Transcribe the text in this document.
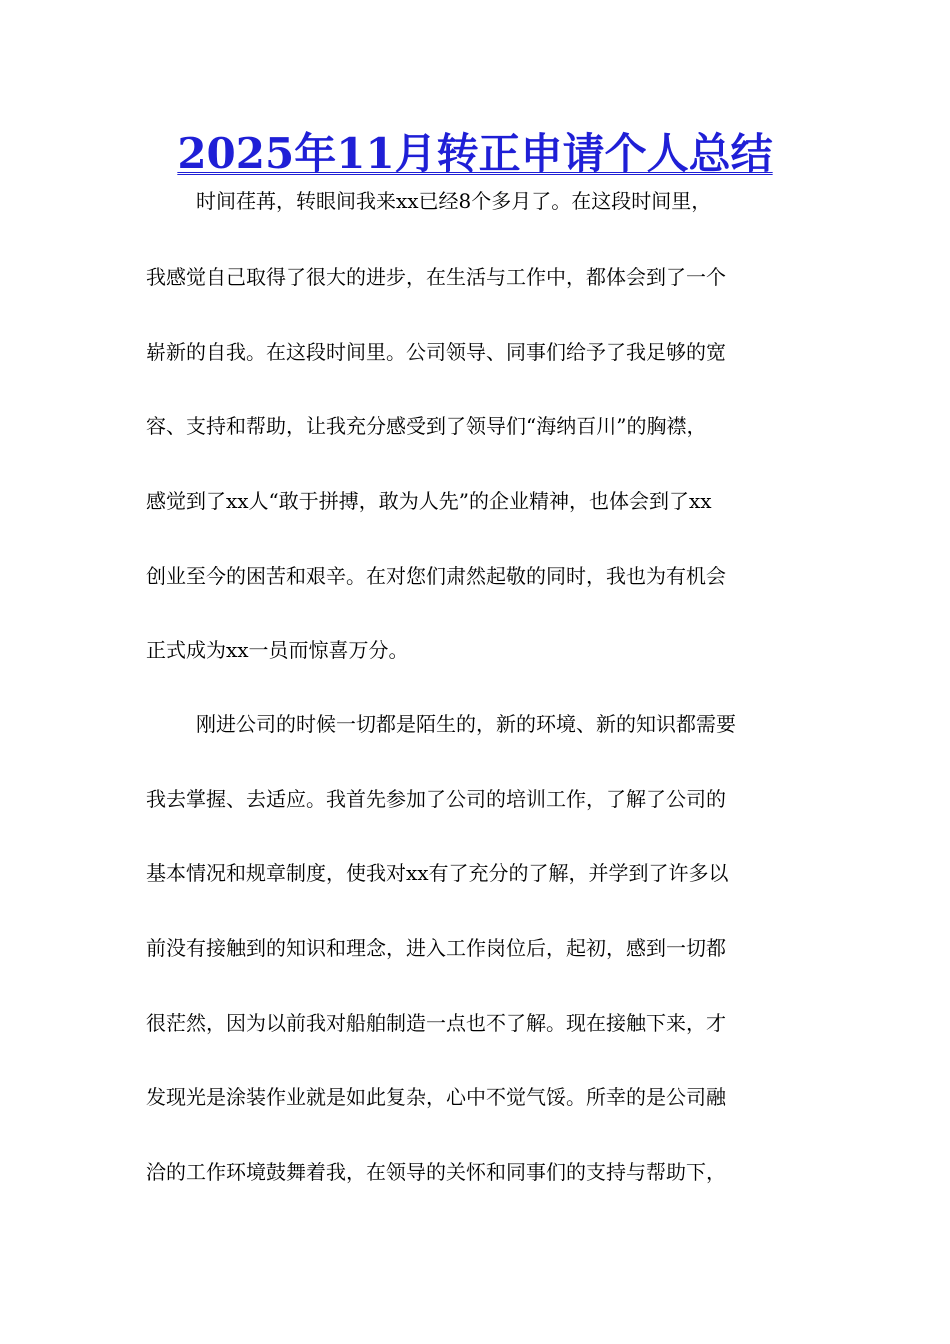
2025年11月转正申请个人总结

时间荏苒，转眼间我来xx已经8个多月了。在这段时间里，

我感觉自己取得了很大的进步，在生活与工作中，都体会到了一个

崭新的自我。在这段时间里。公司领导、同事们给予了我足够的宽

容、支持和帮助，让我充分感受到了领导们“海纳百川”的胸襟，

感觉到了xx人“敢于拼搏，敢为人先”的企业精神，也体会到了xx

创业至今的困苦和艰辛。在对您们肃然起敬的同时，我也为有机会

正式成为xx一员而惊喜万分。

刚进公司的时候一切都是陌生的，新的环境、新的知识都需要

我去掌握、去适应。我首先参加了公司的培训工作，了解了公司的

基本情况和规章制度，使我对xx有了充分的了解，并学到了许多以

前没有接触到的知识和理念，进入工作岗位后，起初，感到一切都

很茫然，因为以前我对船舶制造一点也不了解。现在接触下来，才

发现光是涂装作业就是如此复杂，心中不觉气馁。所幸的是公司融

洽的工作环境鼓舞着我，在领导的关怀和同事们的支持与帮助下，
